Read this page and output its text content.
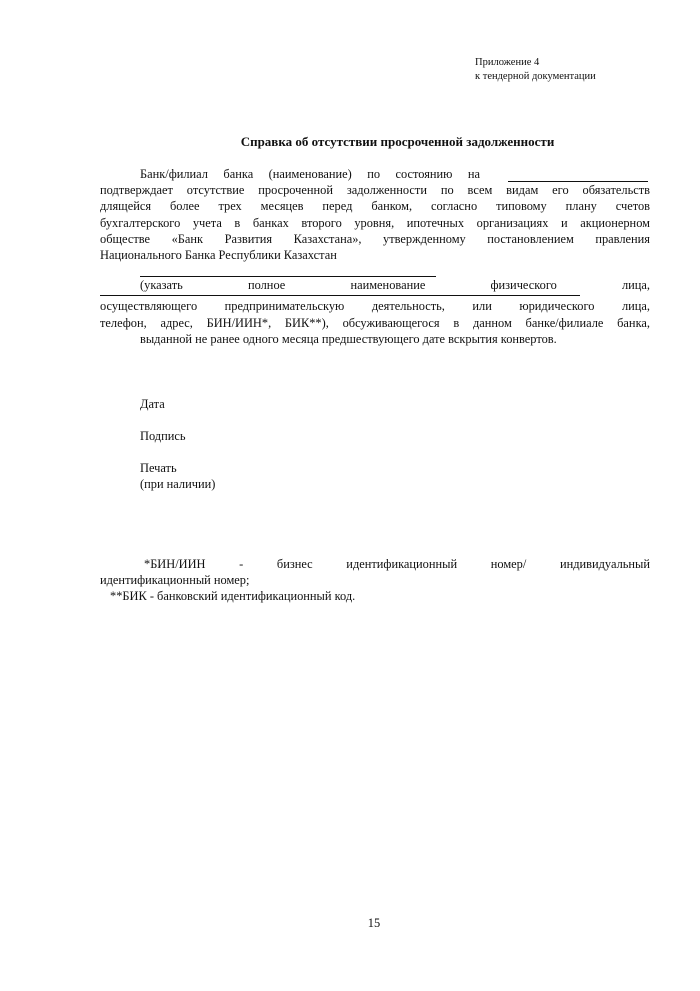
Приложение 4
к тендерной документации
Справка об отсутствии просроченной задолженности
Банк/филиал банка (наименование) по состоянию на
подтверждает отсутствие просроченной задолженности по всем видам его обязательств
длящейся более трех месяцев перед банком, согласно типовому плану счетов
бухгалтерского учета в банках второго уровня, ипотечных организациях и акционерном
обществе «Банк Развития Казахстана», утвержденному постановлением правления
Национального Банка Республики Казахстан
(указать полное наименование физического лица,
осуществляющего предпринимательскую деятельность, или юридического лица,
телефон, адрес, БИН/ИИН*, БИК**), обсуживающегося в данном банке/филиале банка,
выданной не ранее одного месяца предшествующего дате вскрытия конвертов.
Дата
Подпись
Печать
(при наличии)
*БИН/ИИН - бизнес идентификационный номер/ индивидуальный
идентификационный номер;
**БИК - банковский идентификационный код.
15
